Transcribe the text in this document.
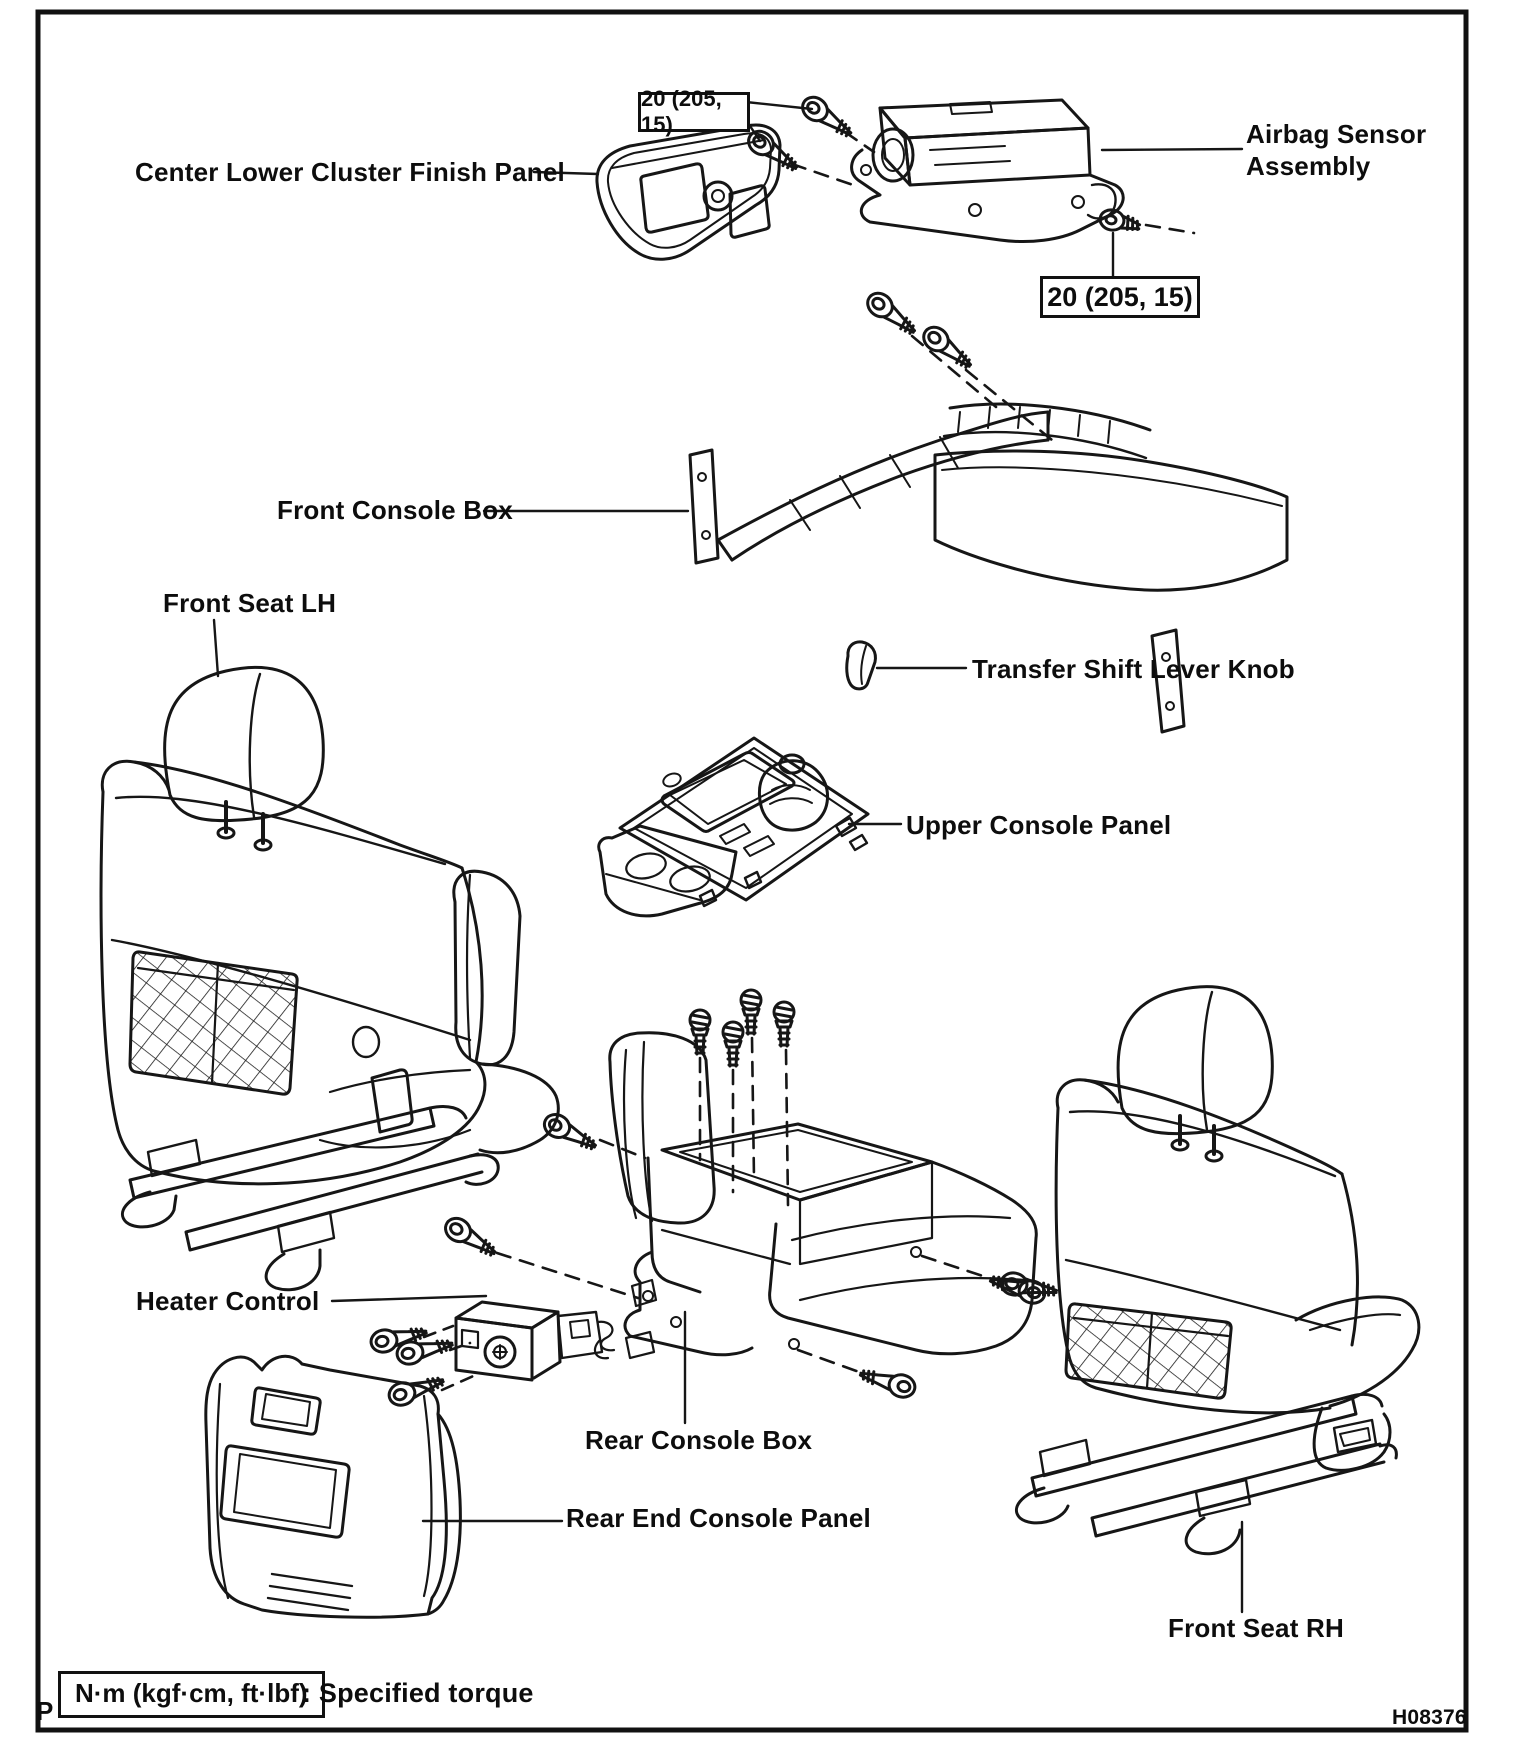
Center Lower Cluster Finish Panel
20 (205, 15)	Airbag Sensor
Assembly
20 (205, 15)
Front Console Box
Front Seat LH
Transfer Shift Lever Knob
Upper Console Panel
Heater Control
Rear Console Box
Rear End Console Panel
Front Seat RH
N·m (kgf·cm, ft·lbf)
: Specified torque
P	H08376
